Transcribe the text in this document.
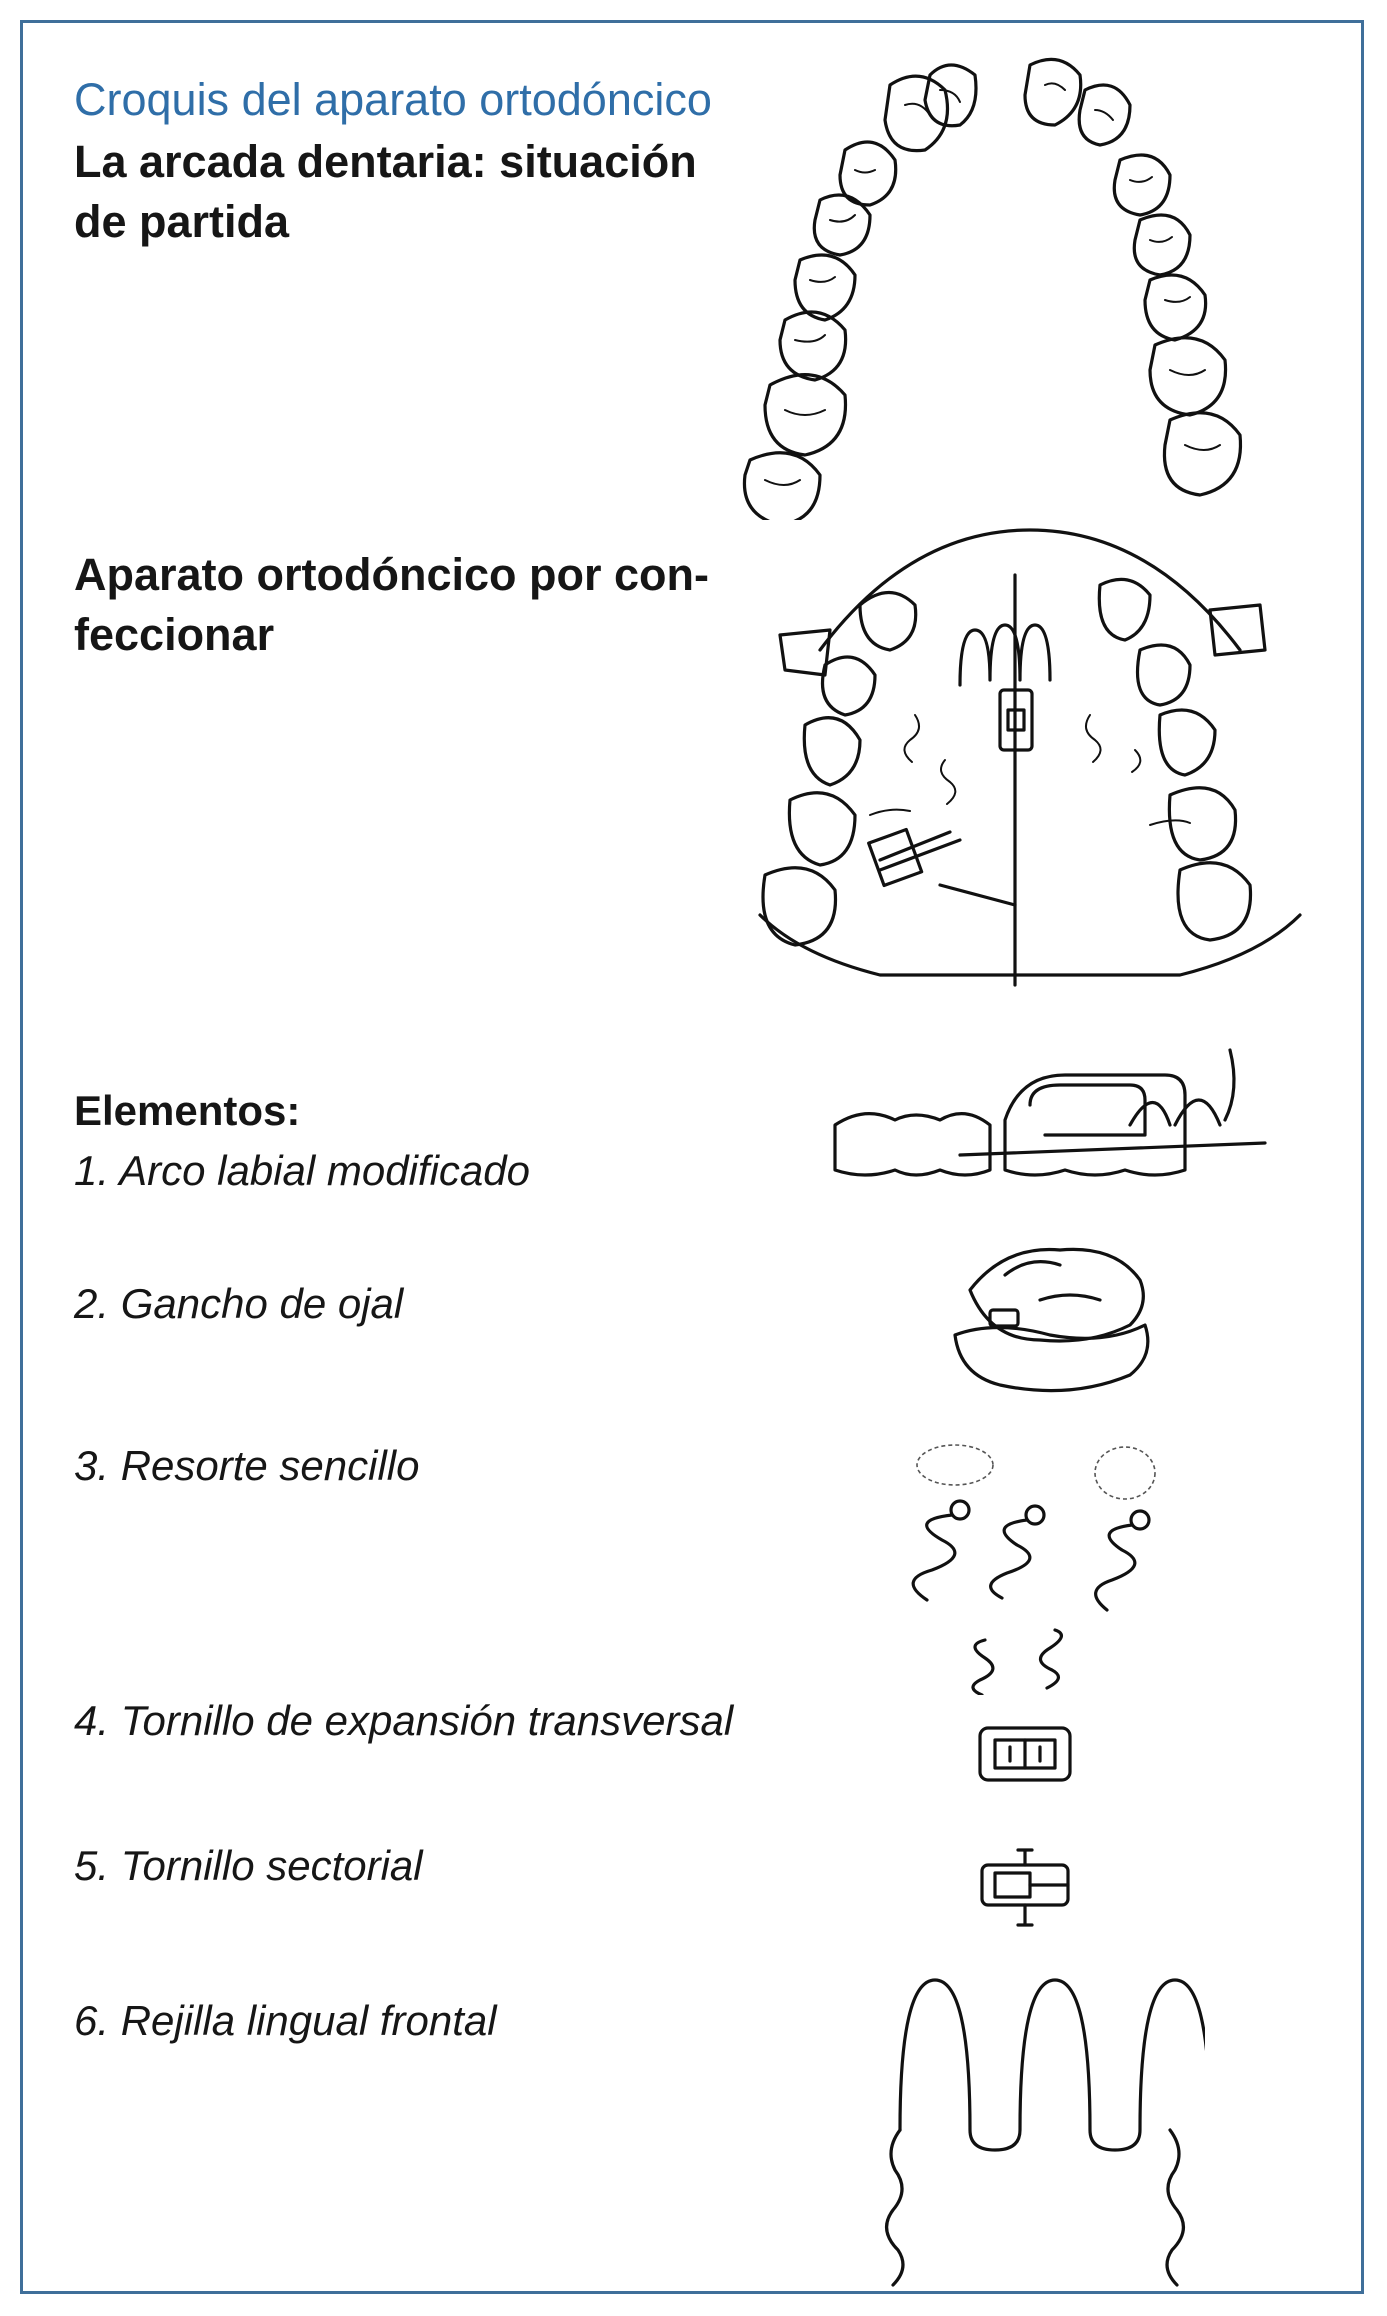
Croquis del aparato ortodóncico
La arcada dentaria: situación de partida
Aparato ortodóncico por con-feccionar
Elementos:
1. Arco labial modificado
2. Gancho de ojal
3. Resorte sencillo
4. Tornillo de expansión transversal
5. Tornillo sectorial
6. Rejilla lingual frontal
